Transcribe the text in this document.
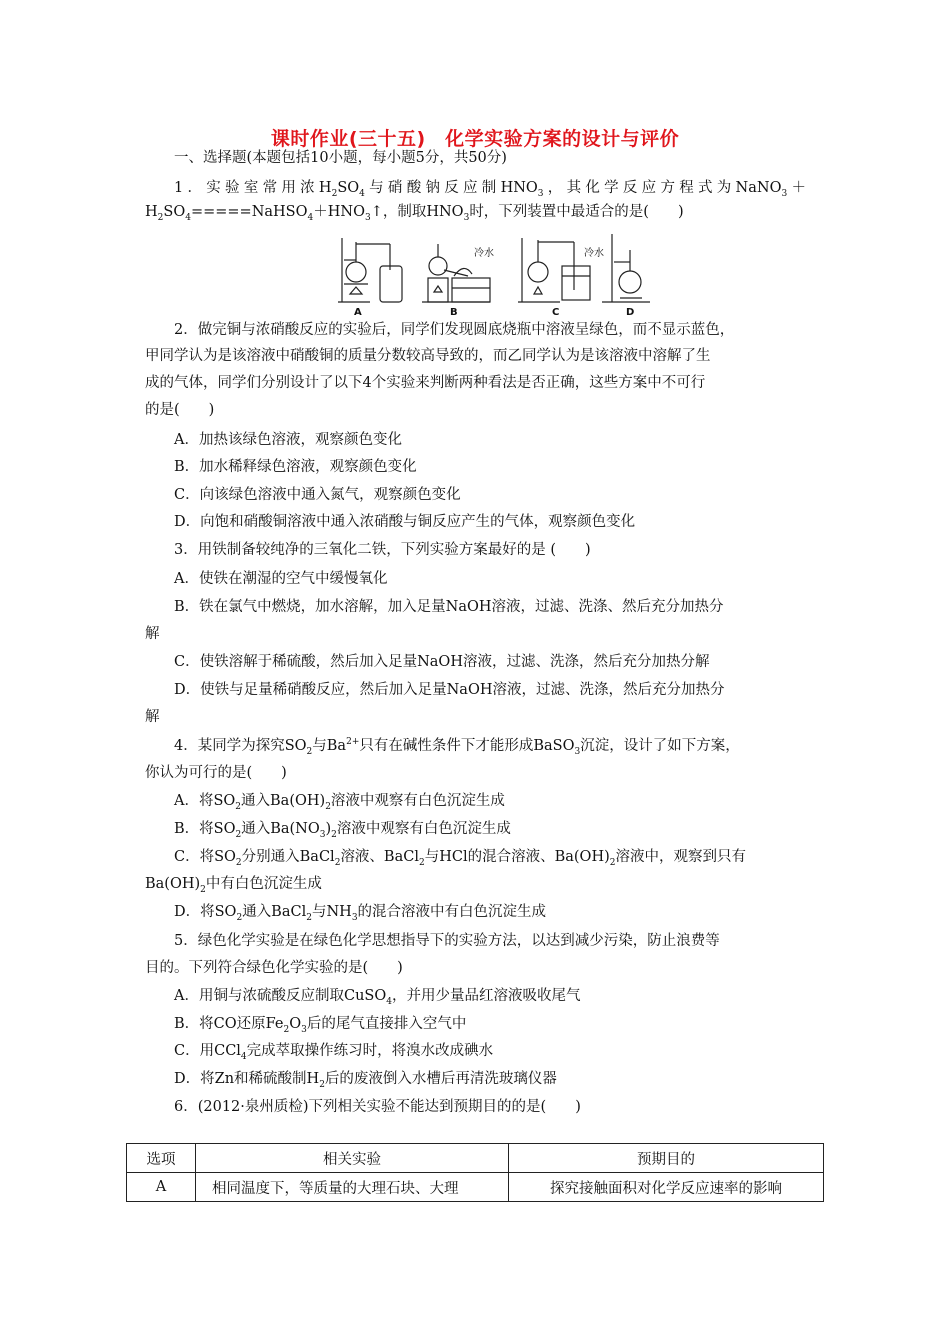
课时作业(三十五)　化学实验方案的设计与评价
一、选择题(本题包括10小题，每小题5分，共50分)
1．实验室常用浓$H_2SO_4$与硝酸钠反应制$HNO_3$，其化学反应方程式为NaNO$_3$＋
$H_2SO_4=====NaHSO_4+HNO_3↑$，制取$HNO_3$时，下列装置中最适合的是(　　)
A	B	C	D
冷水	冷水
2．做完铜与浓硝酸反应的实验后，同学们发现圆底烧瓶中溶液呈绿色，而不显示蓝色，
甲同学认为是该溶液中硝酸铜的质量分数较高导致的，而乙同学认为是该溶液中溶解了生
成的气体，同学们分别设计了以下4个实验来判断两种看法是否正确，这些方案中不可行
的是(　　)
A．加热该绿色溶液，观察颜色变化
B．加水稀释绿色溶液，观察颜色变化
C．向该绿色溶液中通入氮气，观察颜色变化
D．向饱和硝酸铜溶液中通入浓硝酸与铜反应产生的气体，观察颜色变化
3．用铁制备较纯净的三氧化二铁，下列实验方案最好的是 (　　)
A．使铁在潮湿的空气中缓慢氧化
B．铁在氯气中燃烧，加水溶解，加入足量NaOH溶液，过滤、洗涤、然后充分加热分
解
C．使铁溶解于稀硫酸，然后加入足量NaOH溶液，过滤、洗涤，然后充分加热分解
D．使铁与足量稀硝酸反应，然后加入足量NaOH溶液，过滤、洗涤，然后充分加热分
解
4．某同学为探究$SO_2$与$Ba^{2+}$只有在碱性条件下才能形成BaSO$_3$沉淀，设计了如下方案，
你认为可行的是(　　)
A．将$SO_2$通入$Ba(OH)_2$溶液中观察有白色沉淀生成
B．将$SO_2$通入$Ba(NO_3)_2$溶液中观察有白色沉淀生成
C．将$SO_2$分别通入BaCl$_2$溶液、BaCl$_2$与HCl的混合溶液、$Ba(OH)_2$溶液中，观察到只有
$Ba(OH)_2$中有白色沉淀生成
D．将$SO_2$通入BaCl$_2$与$NH_3$的混合溶液中有白色沉淀生成
5．绿色化学实验是在绿色化学思想指导下的实验方法，以达到减少污染，防止浪费等
目的。下列符合绿色化学实验的是(　　)
A．用铜与浓硫酸反应制取CuSO$_4$，并用少量品红溶液吸收尾气
B．将CO还原$Fe_2O_3$后的尾气直接排入空气中
C．用CCl$_4$完成萃取操作练习时，将溴水改成碘水
D．将Zn和稀硫酸制$H_2$后的废液倒入水槽后再清洗玻璃仪器
6．(2012·泉州质检)下列相关实验不能达到预期目的的是(　　)
选项	相关实验	预期目的
A	相同温度下，等质量的大理石块、大理	探究接触面积对化学反应速率的影响
